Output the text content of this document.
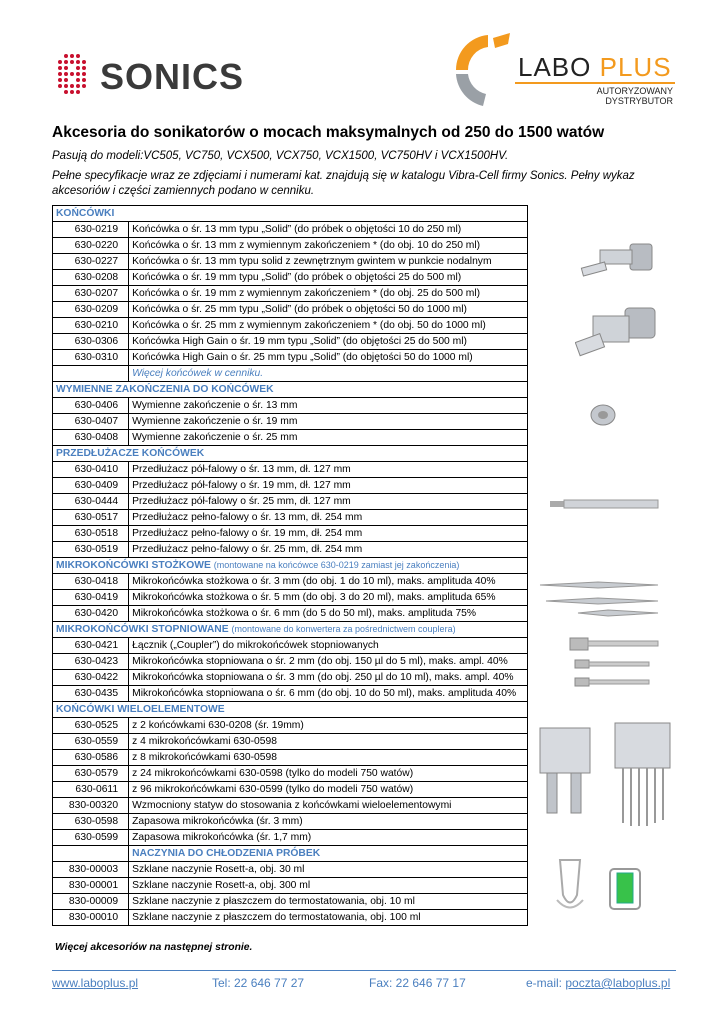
SONICS	LABO PLUS
AUTORYZOWANY
DYSTRYBUTOR
Akcesoria do sonikatorów o mocach maksymalnych od 250 do 1500 watów
Pasują do modeli:VC505, VC750, VCX500, VCX750, VCX1500, VC750HV i VCX1500HV.
Pełne specyfikacje wraz ze zdjęciami i numerami kat. znajdują się w katalogu Vibra-Cell firmy Sonics. Pełny wykaz akcesoriów i części zamiennych podano w cenniku.
KOŃCÓWKI	
630-0219	Końcówka o śr. 13 mm typu „Solid” (do próbek o objętości 10 do 250 ml)
630-0220	Końcówka o śr. 13 mm z wymiennym zakończeniem * (do obj. 10 do 250 ml)
630-0227	Końcówka o śr. 13 mm typu solid z zewnętrznym gwintem w punkcie nodalnym
630-0208	Końcówka o śr. 19 mm typu „Solid” (do próbek o objętości 25 do 500 ml)
630-0207	Końcówka o śr. 19 mm z wymiennym zakończeniem * (do obj. 25 do 500 ml)
630-0209	Końcówka o śr. 25 mm typu „Solid” (do próbek o objętości 50 do 1000 ml)
630-0210	Końcówka o śr. 25 mm z wymiennym zakończeniem * (do obj. 50 do 1000 ml)
630-0306	Końcówka High Gain o śr. 19 mm typu „Solid” (do objętości 25 do 500 ml)
630-0310	Końcówka High Gain o śr. 25 mm typu „Solid” (do objętości 50 do 1000 ml)
	Więcej końcówek w cenniku.
WYMIENNE ZAKOŃCZENIA DO KOŃCÓWEK	
630-0406	Wymienne zakończenie o śr. 13 mm
630-0407	Wymienne zakończenie o śr. 19 mm
630-0408	Wymienne zakończenie o śr. 25 mm
PRZEDŁUŻACZE KOŃCÓWEK	
630-0410	Przedłużacz pół-falowy o śr. 13 mm, dł. 127 mm
630-0409	Przedłużacz pół-falowy o śr. 19 mm, dł. 127 mm
630-0444	Przedłużacz pół-falowy o śr. 25 mm, dł. 127 mm
630-0517	Przedłużacz pełno-falowy o śr. 13 mm, dł. 254 mm
630-0518	Przedłużacz pełno-falowy o śr. 19 mm, dł. 254 mm
630-0519	Przedłużacz pełno-falowy o śr. 25 mm, dł. 254 mm
MIKROKOŃCÓWKI STOŻKOWE (montowane na końcówce 630-0219 zamiast jej zakończenia)	
630-0418	Mikrokońcówka stożkowa o śr. 3 mm (do obj. 1 do 10 ml), maks. amplituda 40%
630-0419	Mikrokońcówka stożkowa o śr. 5 mm (do obj. 3 do 20 ml), maks. amplituda 65%
630-0420	Mikrokońcówka stożkowa o śr. 6 mm (do 5 do 50 ml), maks. amplituda 75%
MIKROKOŃCÓWKI STOPNIOWANE (montowane do konwertera za pośrednictwem couplera)	
630-0421	Łącznik („Coupler”) do mikrokońcówek stopniowanych
630-0423	Mikrokońcówka stopniowana o śr. 2 mm (do obj. 150 µl do 5 ml), maks. ampl. 40%
630-0422	Mikrokońcówka stopniowana o śr. 3 mm (do obj. 250 µl do 10 ml), maks. ampl. 40%
630-0435	Mikrokońcówka stopniowana o śr. 6 mm (do obj. 10 do 50 ml), maks. amplituda 40%
KOŃCÓWKI WIELOELEMENTOWE	
630-0525	z 2 końcówkami 630-0208 (śr. 19mm)
630-0559	z 4 mikrokońcówkami 630-0598
630-0586	z 8 mikrokońcówkami 630-0598
630-0579	z 24 mikrokońcówkami 630-0598 (tylko do modeli 750 watów)
630-0611	z 96 mikrokońcówkami 630-0599 (tylko do modeli 750 watów)
830-00320	Wzmocniony statyw do stosowania z końcówkami wieloelementowymi
630-0598	Zapasowa mikrokońcówka (śr. 3 mm)
630-0599	Zapasowa mikrokońcówka (śr. 1,7 mm)
	NACZYNIA DO CHŁODZENIA PRÓBEK
830-00003	Szklane naczynie Rosett-a, obj. 30 ml
830-00001	Szklane naczynie Rosett-a, obj. 300 ml
830-00009	Szklane naczynie z płaszczem do termostatowania, obj. 10 ml
830-00010	Szklane naczynie z płaszczem do termostatowania, obj. 100 ml
Więcej akcesoriów na następnej stronie.
www.laboplus.pl	Tel: 22 646 77 27	Fax: 22 646 77 17	e-mail: poczta@laboplus.pl
